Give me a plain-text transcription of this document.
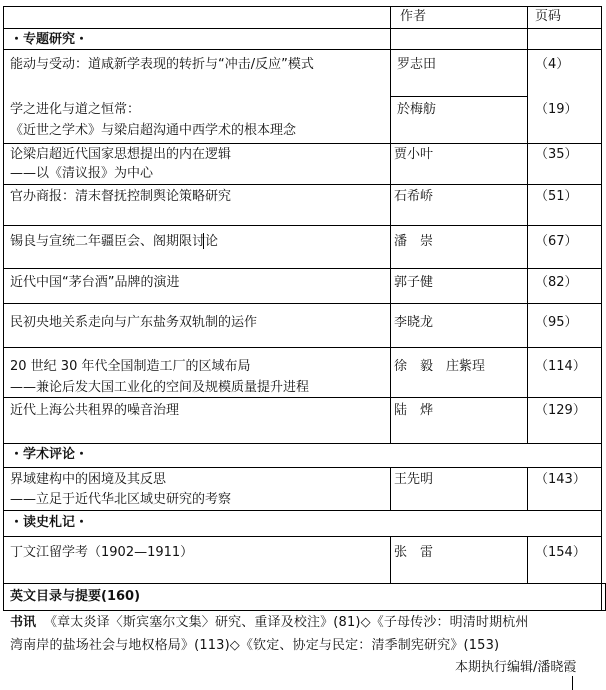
作者	页码
・专题研究・
能动与受动：道咸新学表现的转折与“冲击/反应”模式	罗志田	（4）
学之进化与道之恒常：
《近世之学术》与梁启超沟通中西学术的根本理念
於梅舫	（19）
论梁启超近代国家思想提出的内在逻辑
——以《清议报》为中心
贾小叶	（35）
官办商报：清末督抚控制舆论策略研究	石希峤	（51）
锡良与宣统二年疆臣会、阁期限讨论	潘　崇	（67）
近代中国“茅台酒”品牌的演进	郭子健	（82）
民初央地关系走向与广东盐务双轨制的运作	李晓龙	（95）
20 世纪 30 年代全国制造工厂的区域布局
——兼论后发大国工业化的空间及规模质量提升进程
徐　毅　庄紫珵	（114）
近代上海公共租界的噪音治理	陆　烨	（129）
・学术评论・
界域建构中的困境及其反思
——立足于近代华北区域史研究的考察
王先明	（143）
・读史札记・
丁文江留学考（1902—1911）	张　雷	（154）
英文目录与提要(160)
书讯 《章太炎译〈斯宾塞尔文集〉研究、重译及校注》(81)◇《子母传沙：明清时期杭州
湾南岸的盐场社会与地权格局》(113)◇《钦定、协定与民定：清季制宪研究》(153)
本期执行编辑/潘晓霞
